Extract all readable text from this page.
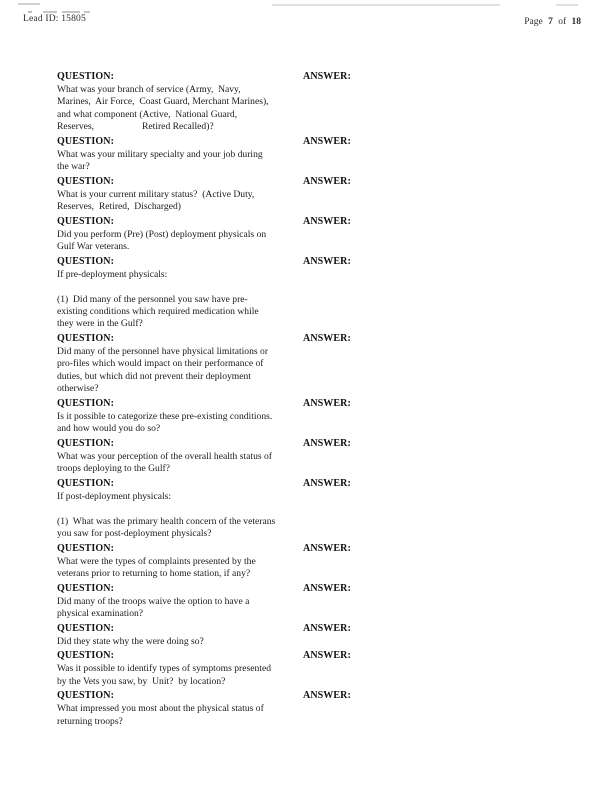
Lead ID: 15805	Page 7 of 18
QUESTION:
What was your branch of service (Army,  Navy,
Marines,  Air Force,  Coast Guard, Merchant Marines),
and what component (Active,  National Guard,
Reserves,                    Retired Recalled)?
ANSWER:
QUESTION:
What was your military specialty and your job during
the war?
ANSWER:
QUESTION:
What is your current military status?  (Active Duty,
Reserves,  Retired,  Discharged)
ANSWER:
QUESTION:
Did you perform (Pre) (Post) deployment physicals on
Gulf War veterans.
ANSWER:
QUESTION:
If pre-deployment physicals:
(1)  Did many of the personnel you saw have pre-
existing conditions which required medication while
they were in the Gulf?
ANSWER:
QUESTION:
Did many of the personnel have physical limitations or
pro-files which would impact on their performance of
duties, but which did not prevent their deployment
otherwise?
ANSWER:
QUESTION:
Is it possible to categorize these pre-existing conditions.
and how would you do so?
ANSWER:
QUESTION:
What was your perception of the overall health status of
troops deploying to the Gulf?
ANSWER:
QUESTION:
If post-deployment physicals:
(1)  What was the primary health concern of the veterans
you saw for post-deployment physicals?
ANSWER:
QUESTION:
What were the types of complaints presented by the
veterans prior to returning to home station, if any?
ANSWER:
QUESTION:
Did many of the troops waive the option to have a
physical examination?
ANSWER:
QUESTION:
Did they state why the were doing so?
ANSWER:
QUESTION:
Was it possible to identify types of symptoms presented
by the Vets you saw, by  Unit?  by location?
ANSWER:
QUESTION:
What impressed you most about the physical status of
returning troops?
ANSWER:
